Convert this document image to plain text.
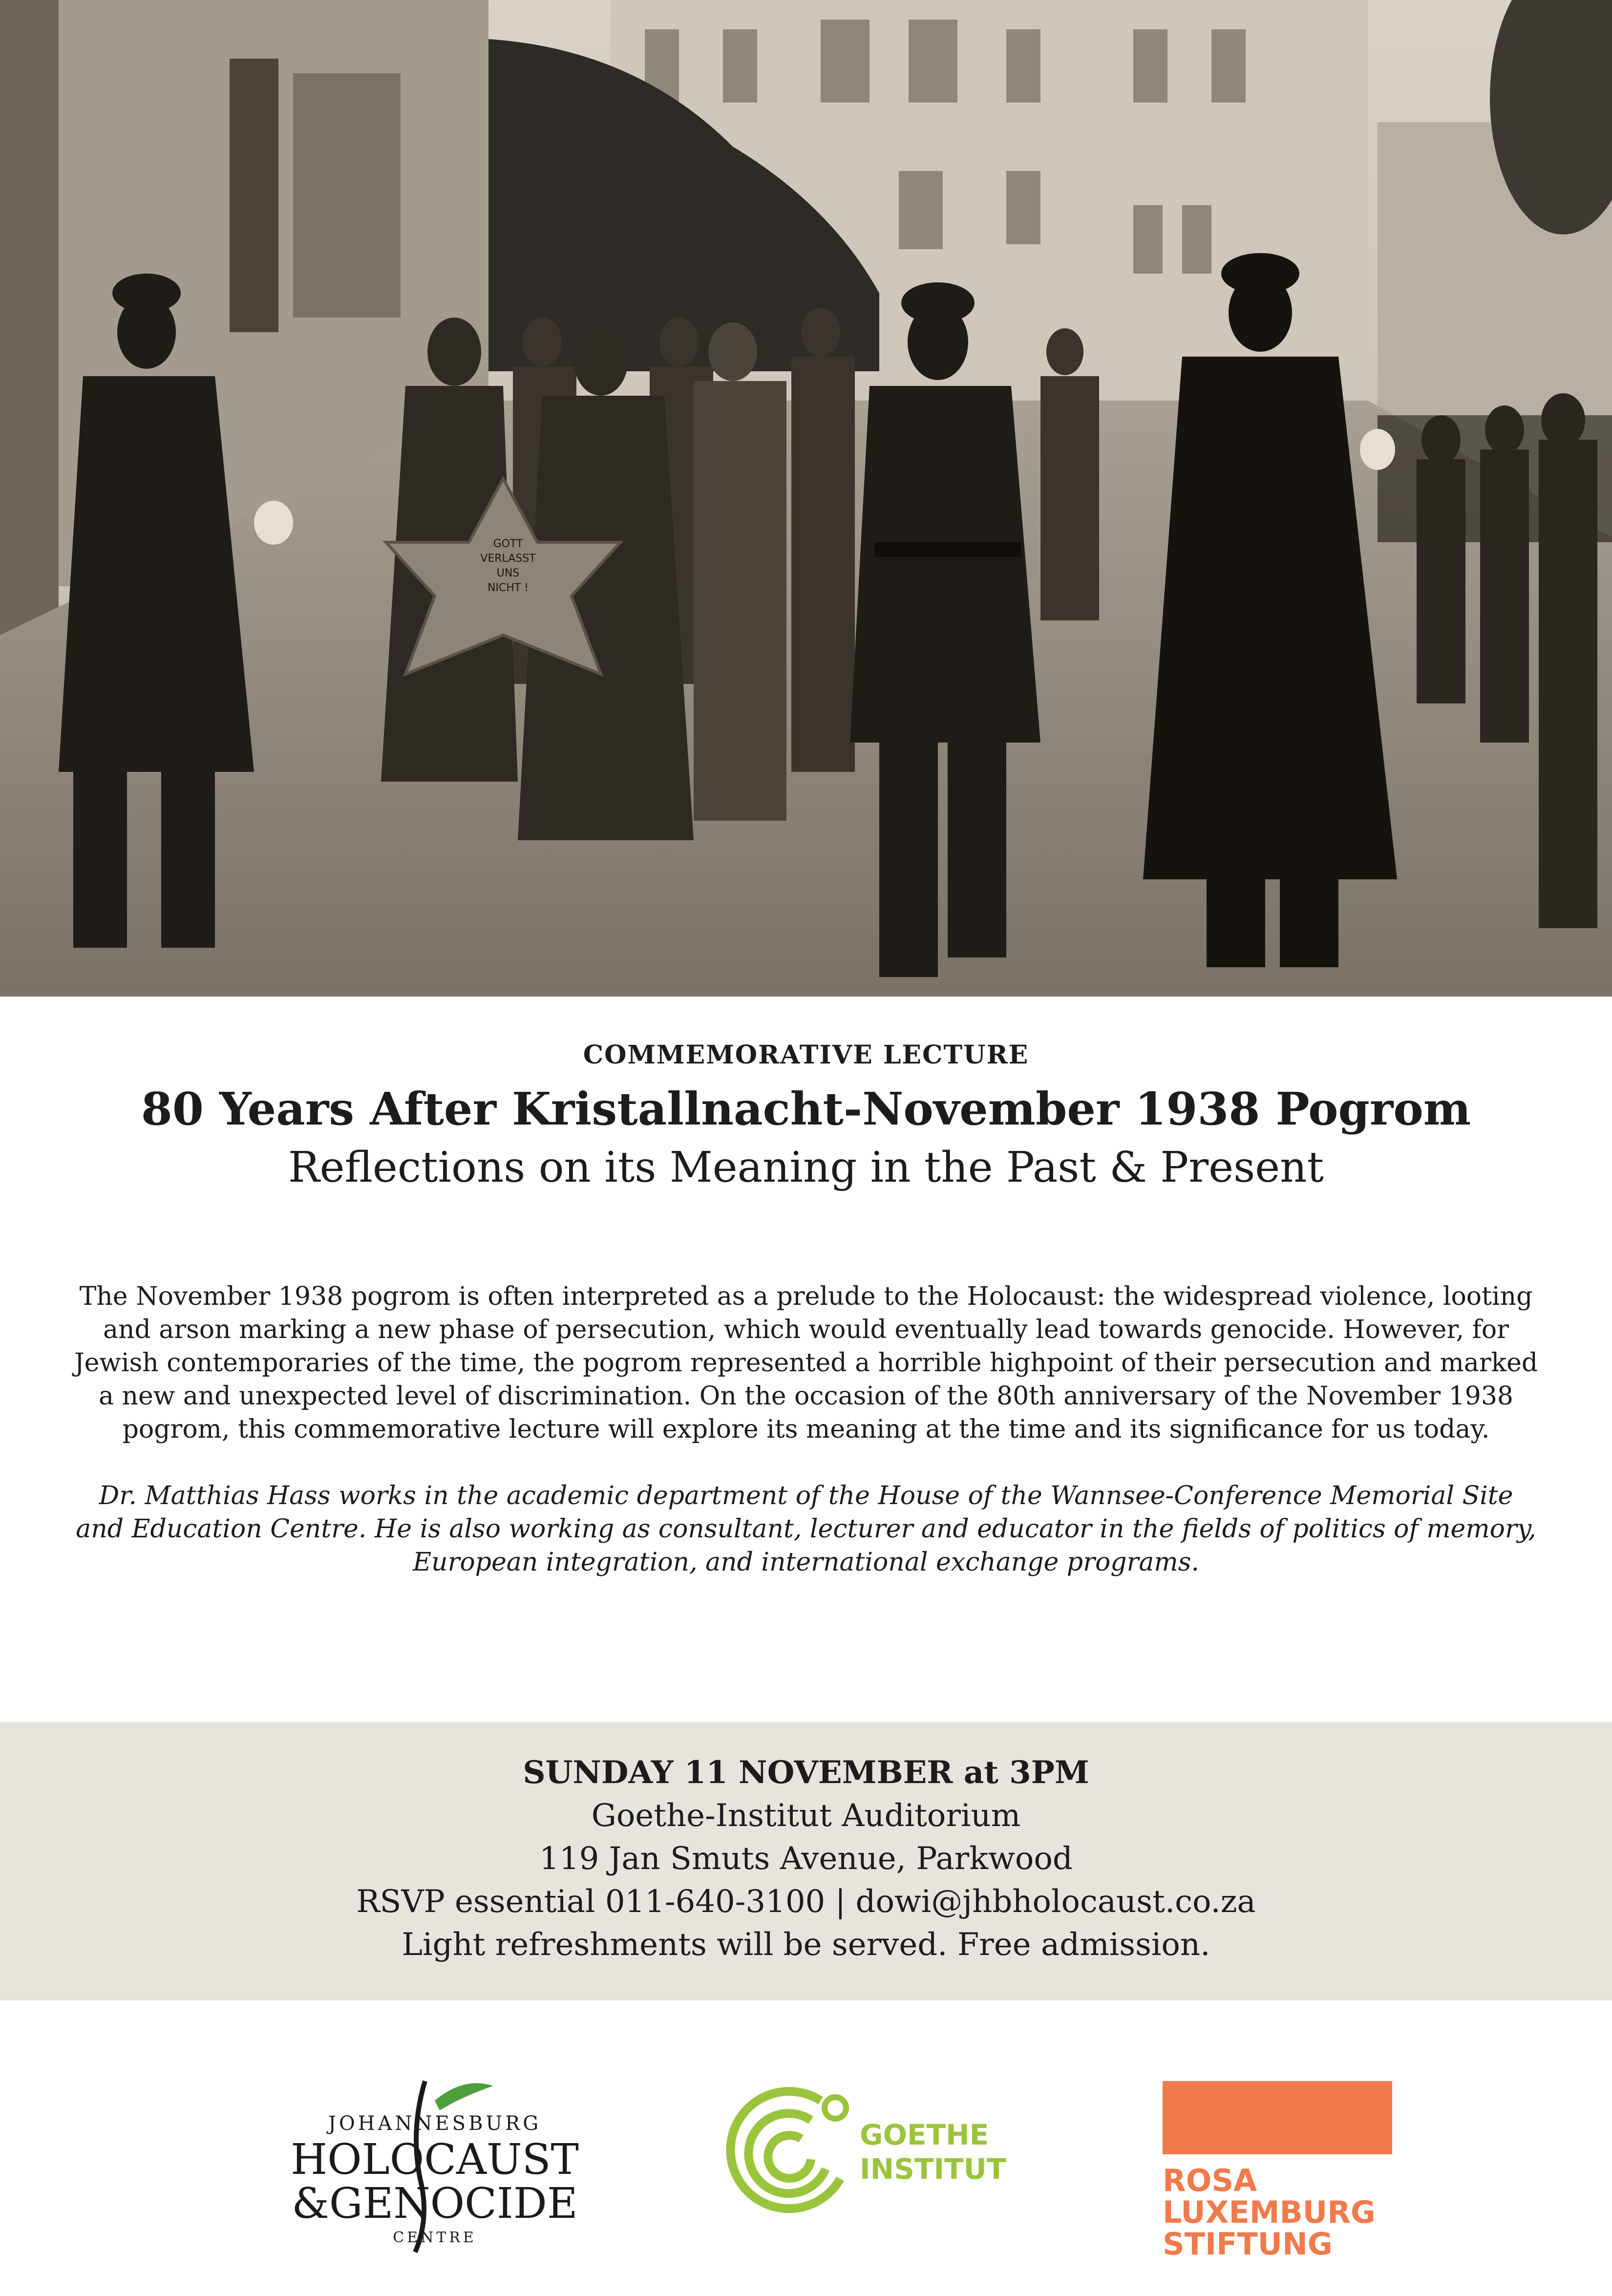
GOTT
VERLASST
UNS
NICHT !

COMMEMORATIVE LECTURE

80 Years After Kristallnacht-November 1938 Pogrom
Reflections on its Meaning in the Past & Present

The November 1938 pogrom is often interpreted as a prelude to the Holocaust: the widespread violence, looting and arson marking a new phase of persecution, which would eventually lead towards genocide. However, for Jewish contemporaries of the time, the pogrom represented a horrible highpoint of their persecution and marked a new and unexpected level of discrimination. On the occasion of the 80th anniversary of the November 1938 pogrom, this commemorative lecture will explore its meaning at the time and its significance for us today.

Dr. Matthias Hass works in the academic department of the House of the Wannsee-Conference Memorial Site and Education Centre. He is also working as consultant, lecturer and educator in the fields of politics of memory, European integration, and international exchange programs.

SUNDAY 11 NOVEMBER at 3PM
Goethe-Institut Auditorium
119 Jan Smuts Avenue, Parkwood
RSVP essential 011-640-3100 | dowi@jhbholocaust.co.za
Light refreshments will be served. Free admission.
JOHANNESBURG
HOLOCAUST
&GENOCIDE
CENTRE
GOETHE
INSTITUT	ROSA
LUXEMBURG
STIFTUNG
